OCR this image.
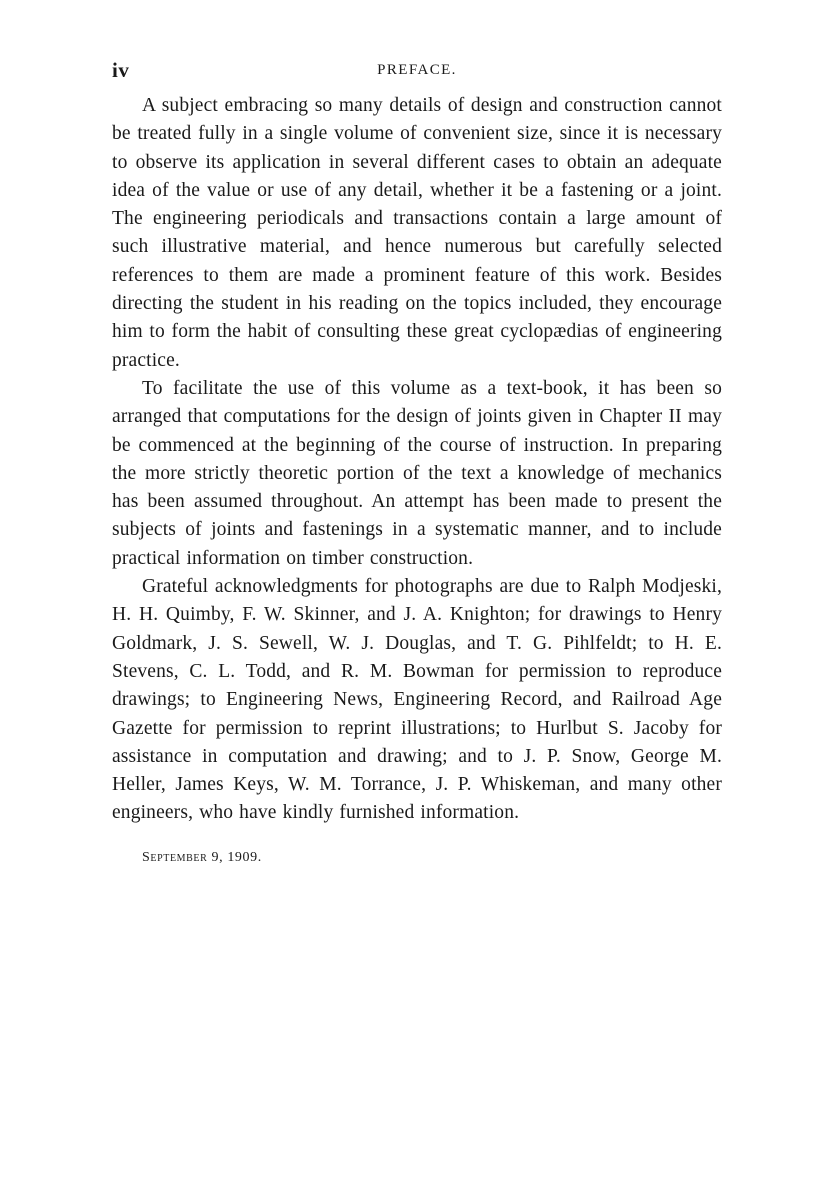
iv	PREFACE.

A subject embracing so many details of design and construction cannot be treated fully in a single volume of convenient size, since it is necessary to observe its application in several different cases to obtain an adequate idea of the value or use of any detail, whether it be a fastening or a joint. The engineering periodicals and transactions contain a large amount of such illustrative material, and hence numerous but carefully selected references to them are made a prominent feature of this work. Besides directing the student in his reading on the topics included, they encourage him to form the habit of consulting these great cyclopædias of engineering practice.

To facilitate the use of this volume as a text-book, it has been so arranged that computations for the design of joints given in Chapter II may be commenced at the beginning of the course of instruction. In preparing the more strictly theoretic portion of the text a knowledge of mechanics has been assumed throughout. An attempt has been made to present the subjects of joints and fastenings in a systematic manner, and to include practical information on timber construction.

Grateful acknowledgments for photographs are due to Ralph Modjeski, H. H. Quimby, F. W. Skinner, and J. A. Knighton; for drawings to Henry Goldmark, J. S. Sewell, W. J. Douglas, and T. G. Pihlfeldt; to H. E. Stevens, C. L. Todd, and R. M. Bowman for permission to reproduce drawings; to Engineering News, Engineering Record, and Railroad Age Gazette for permission to reprint illustrations; to Hurlbut S. Jacoby for assistance in computation and drawing; and to J. P. Snow, George M. Heller, James Keys, W. M. Torrance, J. P. Whiskeman, and many other engineers, who have kindly furnished information.

September 9, 1909.
